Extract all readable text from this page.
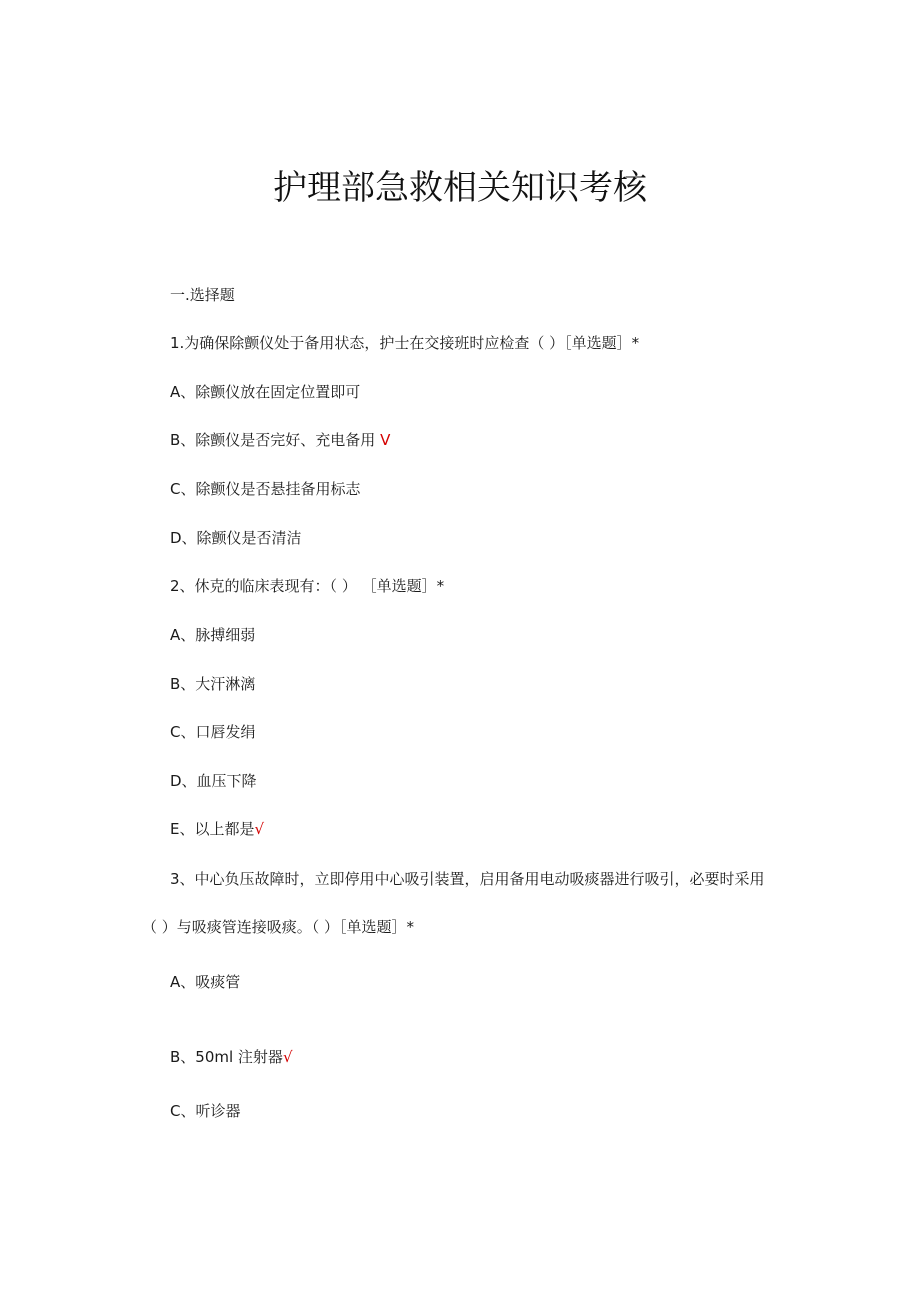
护理部急救相关知识考核
一.选择题
1.为确保除颤仪处于备用状态，护士在交接班时应检查（ ）［单选题］*
A、除颤仪放在固定位置即可
B、除颤仪是否完好、充电备用 V
C、除颤仪是否悬挂备用标志
D、除颤仪是否清洁
2、休克的临床表现有：（ ） ［单选题］*
A、脉搏细弱
B、大汗淋漓
C、口唇发绢
D、血压下降
E、以上都是√
3、中心负压故障时，立即停用中心吸引装置，启用备用电动吸痰器进行吸引，必要时采用
（ ）与吸痰管连接吸痰。（ ）［单选题］*
A、吸痰管
B、50ml 注射器√
C、听诊器
